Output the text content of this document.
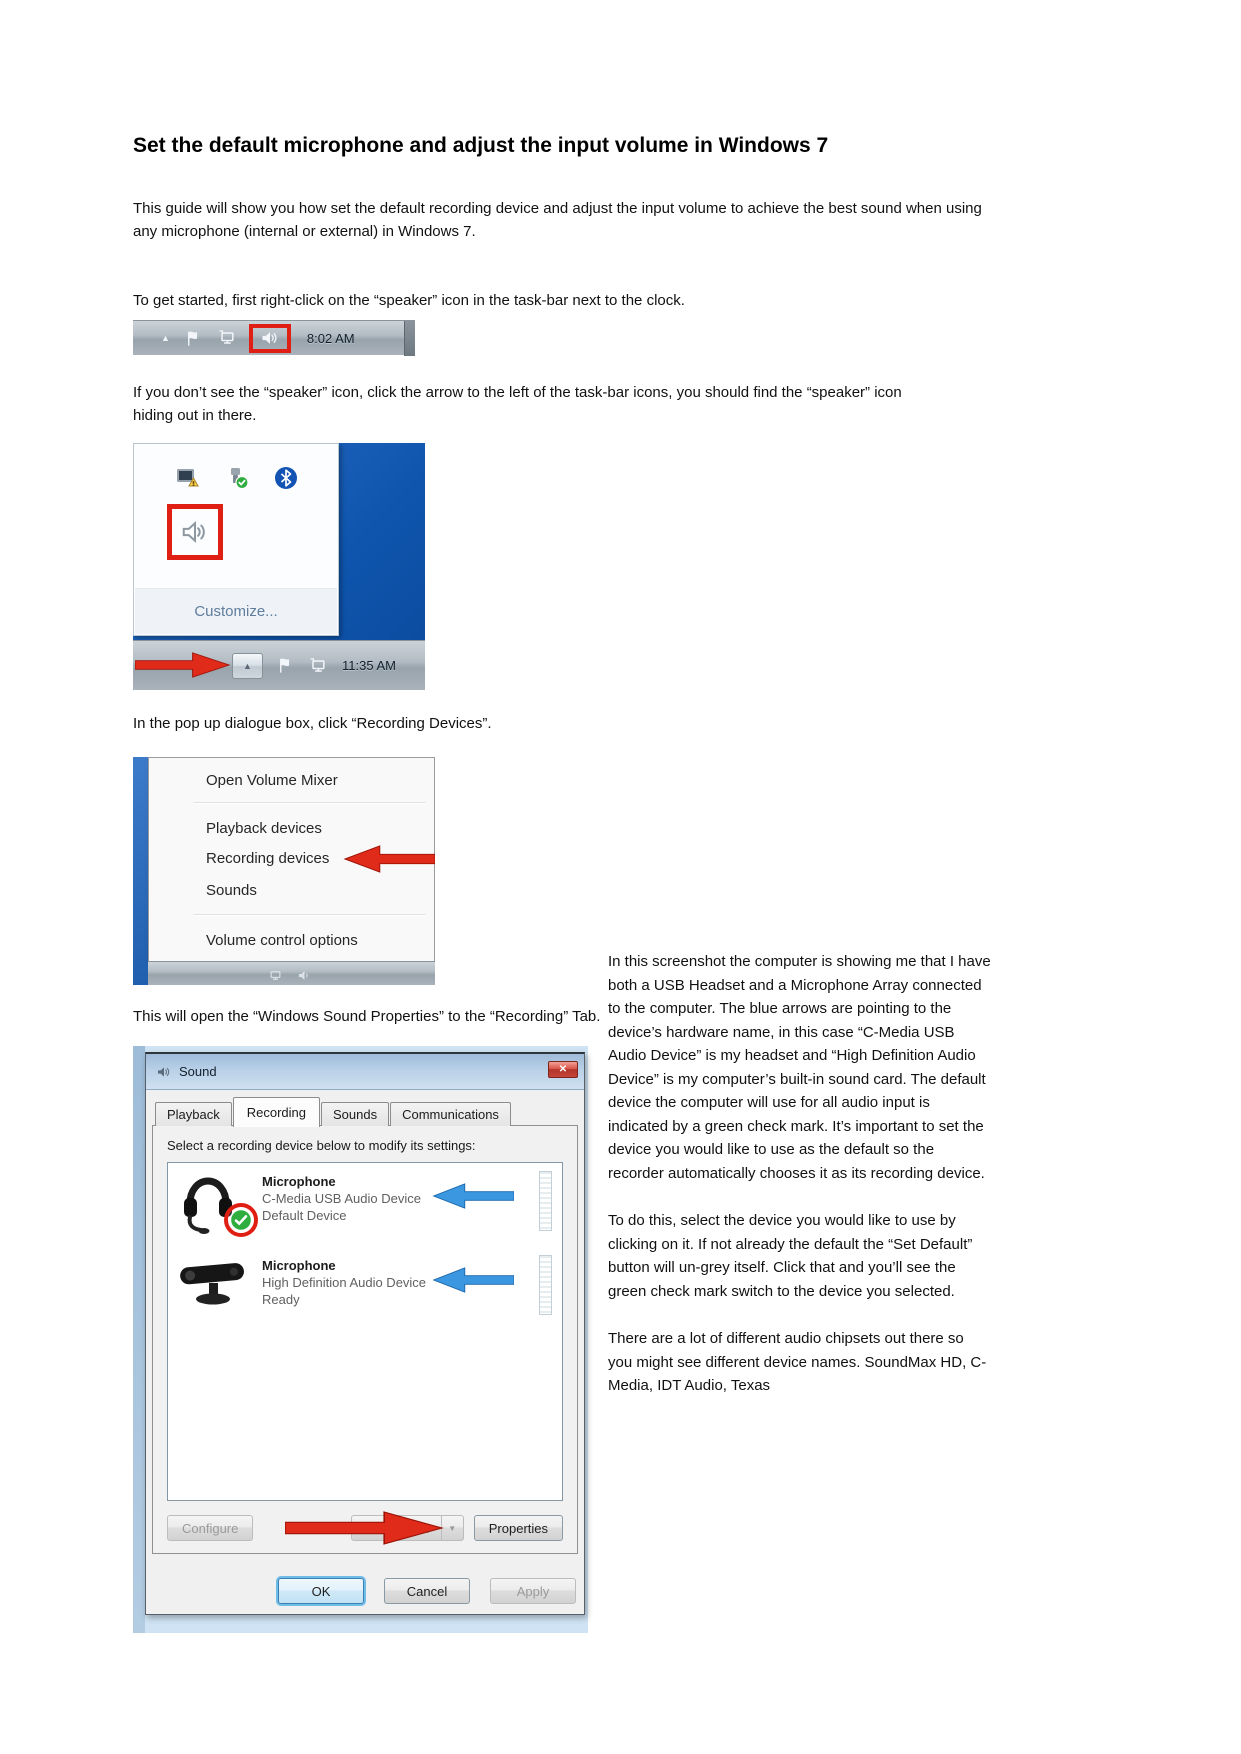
Set the default microphone and adjust the input volume in Windows 7

This guide will show you how set the default recording device and adjust the input volume to achieve the best sound when using any microphone (internal or external) in Windows 7.

To get started, first right-click on the “speaker” icon in the task-bar next to the clock.

▲	8:02 AM

If you don’t see the “speaker” icon, click the arrow to the left of the task-bar icons, you should find the “speaker” icon hiding out in there.

Customize...
▲	11:35 AM

In the pop up dialogue box, click “Recording Devices”.

Open Volume Mixer
Playback devices
Recording devices
Sounds
Volume control options

This will open the “Windows Sound Properties” to the “Recording” Tab.

Sound	✕
Playback	Recording	Sounds	Communications
Select a recording device below to modify its settings:
Microphone
C-Media USB Audio Device
Default Device
Microphone
High Definition Audio Device
Ready
Configure	▼	Properties
OK	Cancel	Apply

In this screenshot the computer is showing me that I have both a USB Headset and a Microphone Array connected to the computer. The blue arrows are pointing to the device’s hardware name, in this case “C-Media USB Audio Device” is my headset and “High Definition Audio Device” is my computer’s built-in sound card. The default device the computer will use for all audio input is indicated by a green check mark. It’s important to set the device you would like to use as the default so the recorder automatically chooses it as its recording device.

To do this, select the device you would like to use by clicking on it. If not already the default the “Set Default” button will un-grey itself. Click that and you’ll see the green check mark switch to the device you selected.

There are a lot of different audio chipsets out there so you might see different device names. SoundMax HD, C-Media, IDT Audio, Texas
